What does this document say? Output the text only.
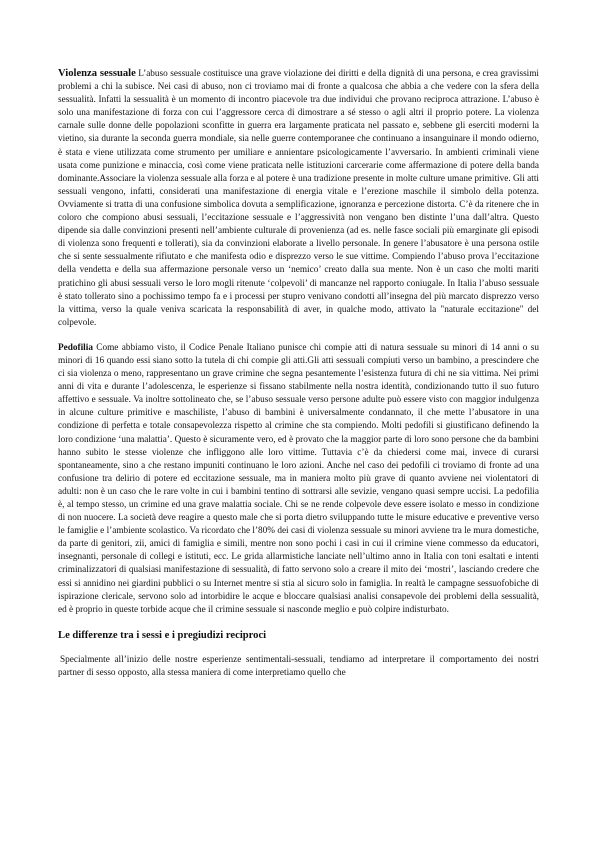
Violenza sessuale L’abuso sessuale costituisce una grave violazione dei diritti e della dignità di una persona, e crea gravissimi problemi a chi la subisce. Nei casi di abuso, non ci troviamo mai di fronte a qualcosa che abbia a che vedere con la sfera della sessualità. Infatti la sessualità è un momento di incontro piacevole tra due individui che provano reciproca attrazione. L’abuso è solo una manifestazione di forza con cui l’aggressore cerca di dimostrare a sé stesso o agli altri il proprio potere. La violenza carnale sulle donne delle popolazioni sconfitte in guerra era largamente praticata nel passato e, sebbene gli eserciti moderni la vietino, sia durante la seconda guerra mondiale, sia nelle guerre contemporanee che continuano a insanguinare il mondo odierno, è stata e viene utilizzata come strumento per umiliare e annientare psicologicamente l’avversario. In ambienti criminali viene usata come punizione e minaccia, così come viene praticata nelle istituzioni carcerarie come affermazione di potere della banda dominante.Associare la violenza sessuale alla forza e al potere è una tradizione presente in molte culture umane primitive. Gli atti sessuali vengono, infatti, considerati una manifestazione di energia vitale e l’erezione maschile il simbolo della potenza. Ovviamente si tratta di una confusione simbolica dovuta a semplificazione, ignoranza e percezione distorta. C’è da ritenere che in coloro che compiono abusi sessuali, l’eccitazione sessuale e l’aggressività non vengano ben distinte l’una dall’altra. Questo dipende sia dalle convinzioni presenti nell’ambiente culturale di provenienza (ad es. nelle fasce sociali più emarginate gli episodi di violenza sono frequenti e tollerati), sia da convinzioni elaborate a livello personale. In genere l’abusatore è una persona ostile che si sente sessualmente rifiutato e che manifesta odio e disprezzo verso le sue vittime. Compiendo l’abuso prova l’eccitazione della vendetta e della sua affermazione personale verso un ‘nemico’ creato dalla sua mente. Non è un caso che molti mariti pratichino gli abusi sessuali verso le loro mogli ritenute ‘colpevoli’ di mancanze nel rapporto coniugale. In Italia l’abuso sessuale è stato tollerato sino a pochissimo tempo fa e i processi per stupro venivano condotti all’insegna del più marcato disprezzo verso la vittima, verso la quale veniva scaricata la responsabilità di aver, in qualche modo, attivato la "naturale eccitazione" del colpevole.

Pedofilia Come abbiamo visto, il Codice Penale Italiano punisce chi compie atti di natura sessuale su minori di 14 anni o su minori di 16 quando essi siano sotto la tutela di chi compie gli atti.Gli atti sessuali compiuti verso un bambino, a prescindere che ci sia violenza o meno, rappresentano un grave crimine che segna pesantemente l’esistenza futura di chi ne sia vittima. Nei primi anni di vita e durante l’adolescenza, le esperienze si fissano stabilmente nella nostra identità, condizionando tutto il suo futuro affettivo e sessuale. Va inoltre sottolineato che, se l’abuso sessuale verso persone adulte può essere visto con maggior indulgenza in alcune culture primitive e maschiliste, l’abuso di bambini è universalmente condannato, il che mette l’abusatore in una condizione di perfetta e totale consapevolezza rispetto al crimine che sta compiendo. Molti pedofili si giustificano definendo la loro condizione ‘una malattia’. Questo è sicuramente vero, ed è provato che la maggior parte di loro sono persone che da bambini hanno subito le stesse violenze che infliggono alle loro vittime. Tuttavia c’è da chiedersi come mai, invece di curarsi spontaneamente, sino a che restano impuniti continuano le loro azioni. Anche nel caso dei pedofili ci troviamo di fronte ad una confusione tra delirio di potere ed eccitazione sessuale, ma in maniera molto più grave di quanto avviene nei violentatori di adulti: non è un caso che le rare volte in cui i bambini tentino di sottrarsi alle sevizie, vengano quasi sempre uccisi. La pedofilia è, al tempo stesso, un crimine ed una grave malattia sociale. Chi se ne rende colpevole deve essere isolato e messo in condizione di non nuocere. La società deve reagire a questo male che si porta dietro sviluppando tutte le misure educative e preventive verso le famiglie e l’ambiente scolastico. Va ricordato che l’80% dei casi di violenza sessuale su minori avviene tra le mura domestiche, da parte di genitori, zii, amici di famiglia e simili, mentre non sono pochi i casi in cui il crimine viene commesso da educatori, insegnanti, personale di collegi e istituti, ecc. Le grida allarmistiche lanciate nell’ultimo anno in Italia con toni esaltati e intenti criminalizzatori di qualsiasi manifestazione di sessualità, di fatto servono solo a creare il mito dei ‘mostri’, lasciando credere che essi si annidino nei giardini pubblici o su Internet mentre si stia al sicuro solo in famiglia. In realtà le campagne sessuofobiche di ispirazione clericale, servono solo ad intorbidire le acque e bloccare qualsiasi analisi consapevole dei problemi della sessualità, ed è proprio in queste torbide acque che il crimine sessuale si nasconde meglio e può colpire indisturbato.

Le differenze tra i sessi e i pregiudizi reciproci

Specialmente all’inizio delle nostre esperienze sentimentali-sessuali, tendiamo ad interpretare il comportamento dei nostri partner di sesso opposto, alla stessa maniera di come interpretiamo quello che
